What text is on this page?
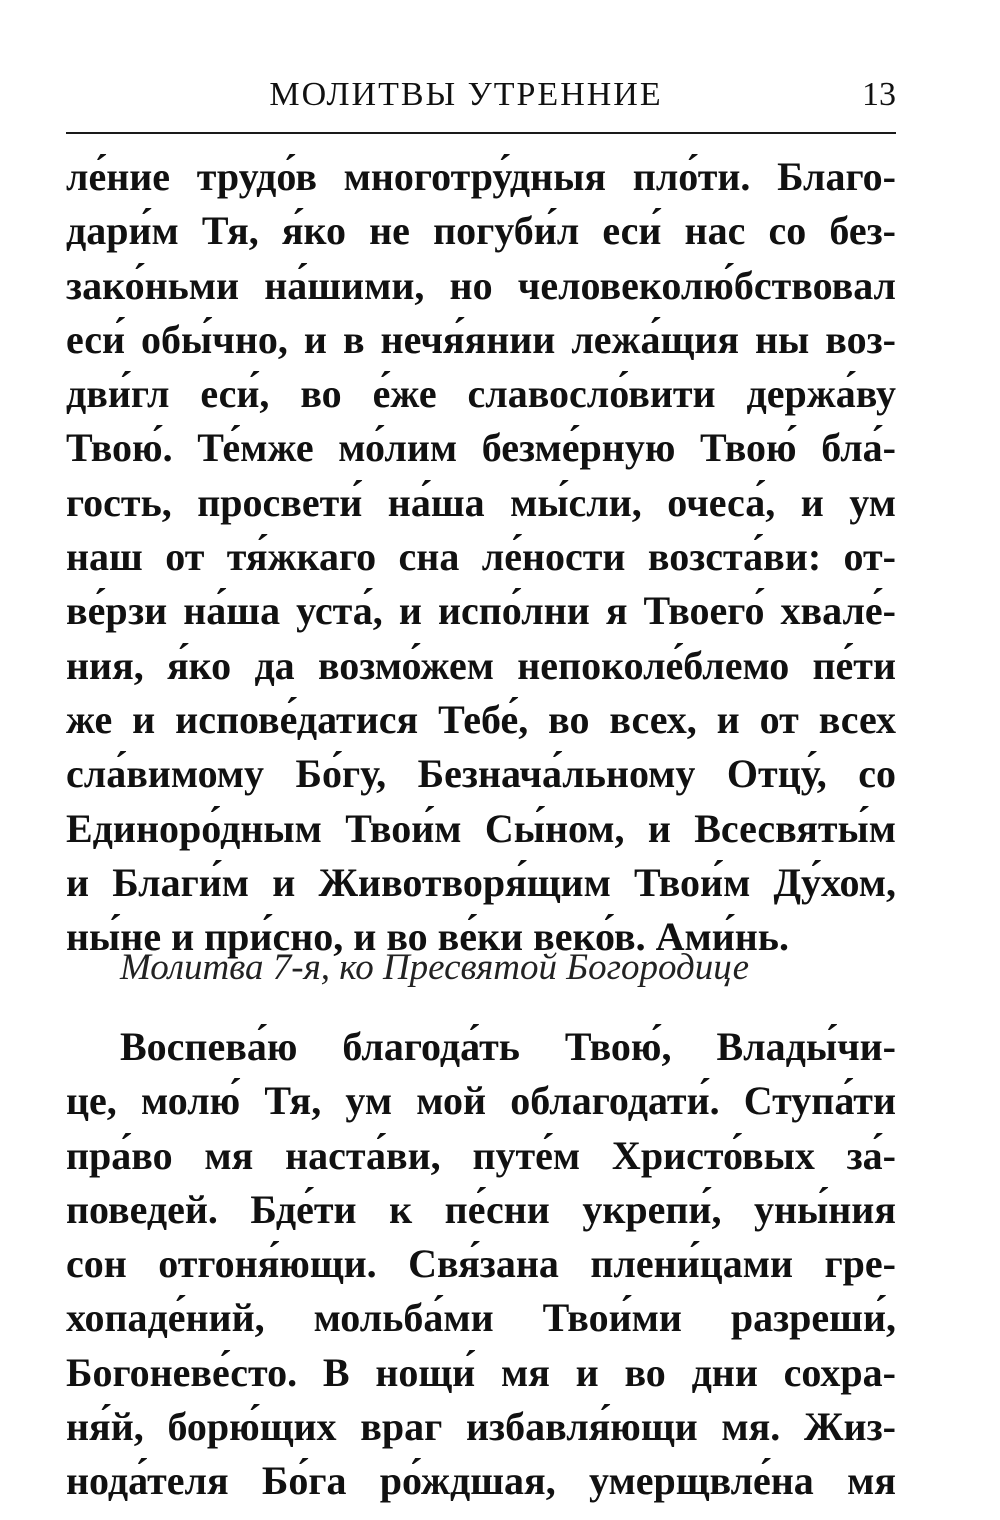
МОЛИТВЫ УТРЕННИЕ	13
ле́ние трудо́в многотру́дныя пло́ти. Благо-
дари́м Тя, я́ко не погуби́л еси́ нас со без-
зако́ньми на́шими, но человеколю́бствовал
еси́ обы́чно, и в нечя́янии лежа́щия ны воз-
дви́гл еси́, во е́же славосло́вити держа́ву
Твою́. Те́мже мо́лим безме́рную Твою́ бла́-
гость, просвети́ на́ша мы́сли, очеса́, и ум
наш от тя́жкаго сна ле́ности возста́ви: от-
ве́рзи на́ша уста́, и испо́лни я Твоего́ хвале́-
ния, я́ко да возмо́жем непоколе́блемо пе́ти
же и испове́датися Тебе́, во всех, и от всех
сла́вимому Бо́гу, Безнача́льному Отцу́, со
Единоро́дным Твои́м Сы́ном, и Всесвяты́м
и Благи́м и Животворя́щим Твои́м Ду́хом,
ны́не и при́сно, и во ве́ки веко́в. Ами́нь.
Молитва 7-я, ко Пресвятой Богородице
Воспева́ю благода́ть Твою́, Влады́чи-
це, молю́ Тя, ум мой облагодати́. Ступа́ти
пра́во мя наста́ви, путе́м Христо́вых за́-
поведей. Бде́ти к пе́сни укрепи́, уны́ния
сон отгоня́ющи. Свя́зана плени́цами гре-
хопаде́ний, мольба́ми Твои́ми разреши́,
Богоневе́сто. В нощи́ мя и во дни сохра-
ня́й, борю́щих враг избавля́ющи мя. Жиз-
нода́теля Бо́га ро́ждшая, умерщвле́на мя
